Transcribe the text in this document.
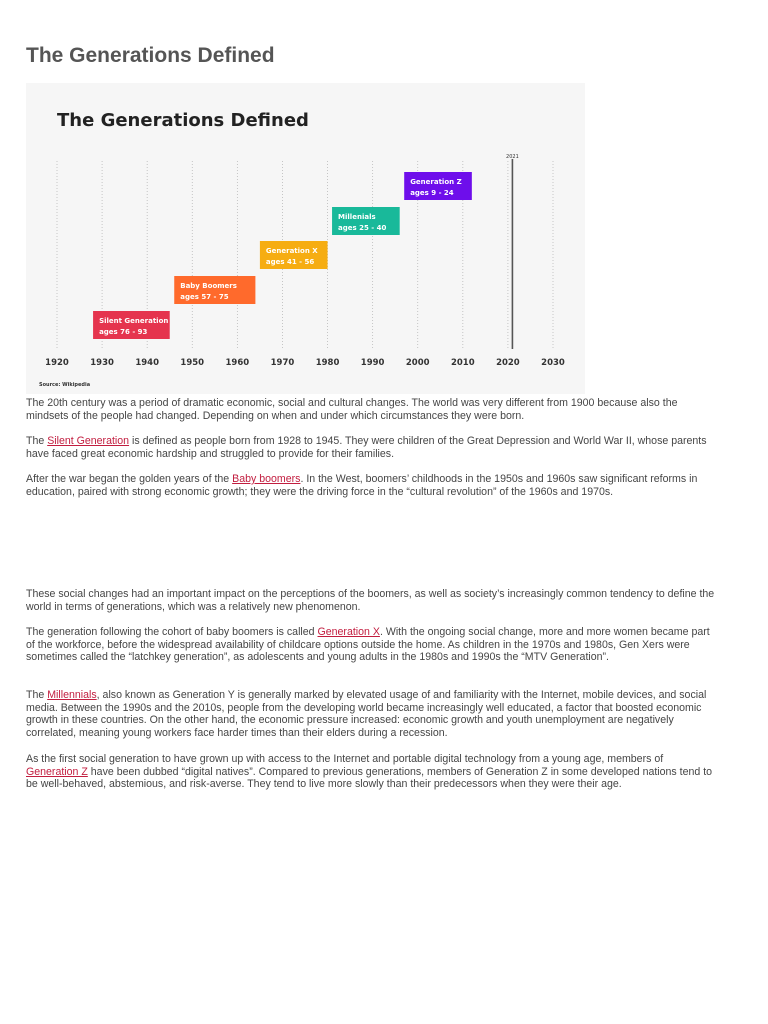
The Generations Defined
The Generations Defined
2021
Silent Generation
ages 76 - 93
Baby Boomers
ages 57 - 75
Generation X
ages 41 - 56
Millenials
ages 25 - 40
Generation Z
ages 9 - 24
1920	1930	1940	1950	1960	1970	1980	1990	2000	2010	2020	2030
Source: Wikipedia

The 20th century was a period of dramatic economic, social and cultural changes. The world was very different from 1900 because also the mindsets of the people had changed. Depending on when and under which circumstances they were born.

The Silent Generation is defined as people born from 1928 to 1945. They were children of the Great Depression and World War II, whose parents have faced great economic hardship and struggled to provide for their families.

After the war began the golden years of the Baby boomers. In the West, boomers’ childhoods in the 1950s and 1960s saw significant reforms in education, paired with strong economic growth; they were the driving force in the “cultural revolution” of the 1960s and 1970s.

These social changes had an important impact on the perceptions of the boomers, as well as society’s increasingly common tendency to define the world in terms of generations, which was a relatively new phenomenon.

The generation following the cohort of baby boomers is called Generation X. With the ongoing social change, more and more women became part of the workforce, before the widespread availability of childcare options outside the home. As children in the 1970s and 1980s, Gen Xers were sometimes called the “latchkey generation”, as adolescents and young adults in the 1980s and 1990s the “MTV Generation”.

The Millennials, also known as Generation Y is generally marked by elevated usage of and familiarity with the Internet, mobile devices, and social media. Between the 1990s and the 2010s, people from the developing world became increasingly well educated, a factor that boosted economic growth in these countries. On the other hand, the economic pressure increased: economic growth and youth unemployment are negatively correlated, meaning young workers face harder times than their elders during a recession.

As the first social generation to have grown up with access to the Internet and portable digital technology from a young age, members of Generation Z have been dubbed “digital natives”. Compared to previous generations, members of Generation Z in some developed nations tend to be well-behaved, abstemious, and risk-averse. They tend to live more slowly than their predecessors when they were their age.
